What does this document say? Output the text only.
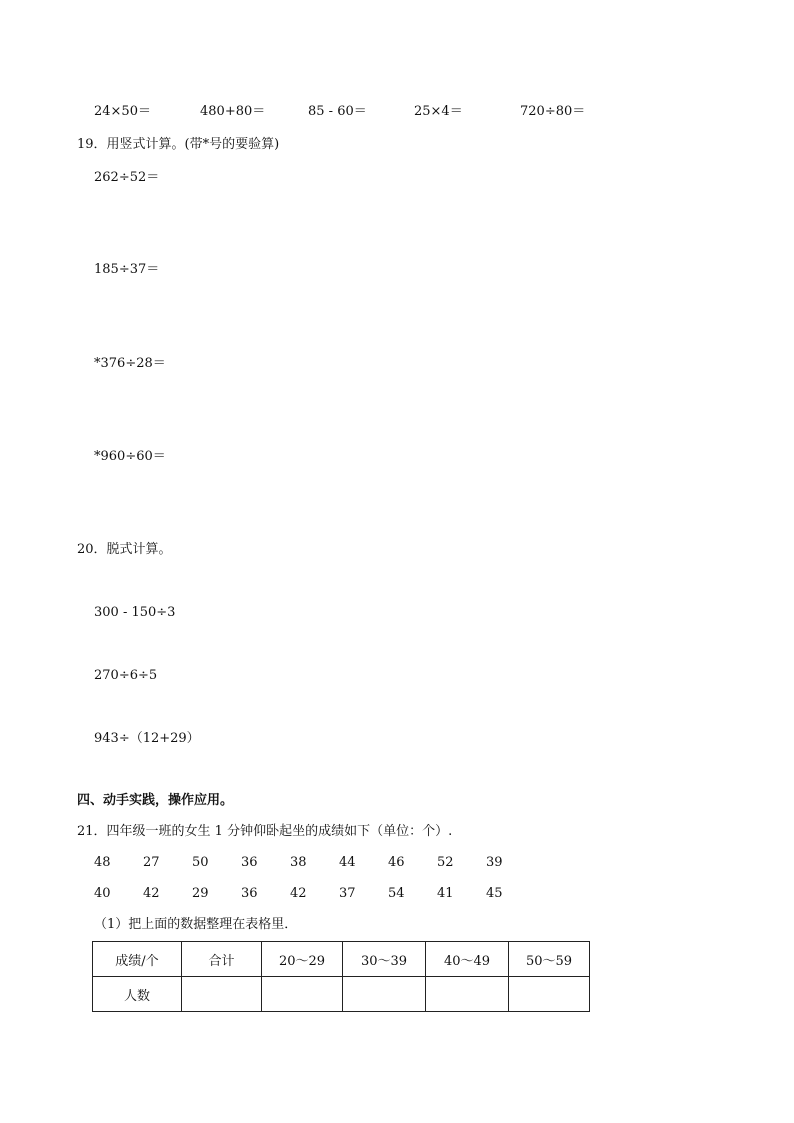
24×50＝	480+80＝	85 - 60＝	25×4＝	720÷80＝
19．用竖式计算。(带*号的要验算)
262÷52＝
185÷37＝
*376÷28＝
*960÷60＝
20．脱式计算。
300 - 150÷3
270÷6÷5
943÷（12+29）
四、动手实践，操作应用。
21．四年级一班的女生 1 分钟仰卧起坐的成绩如下（单位：个）.
48	27	50	36	38	44	46	52	39
40	42	29	36	42	37	54	41	45
（1）把上面的数据整理在表格里．
成绩/个	合计	20～29	30～39	40～49	50～59
人数					
